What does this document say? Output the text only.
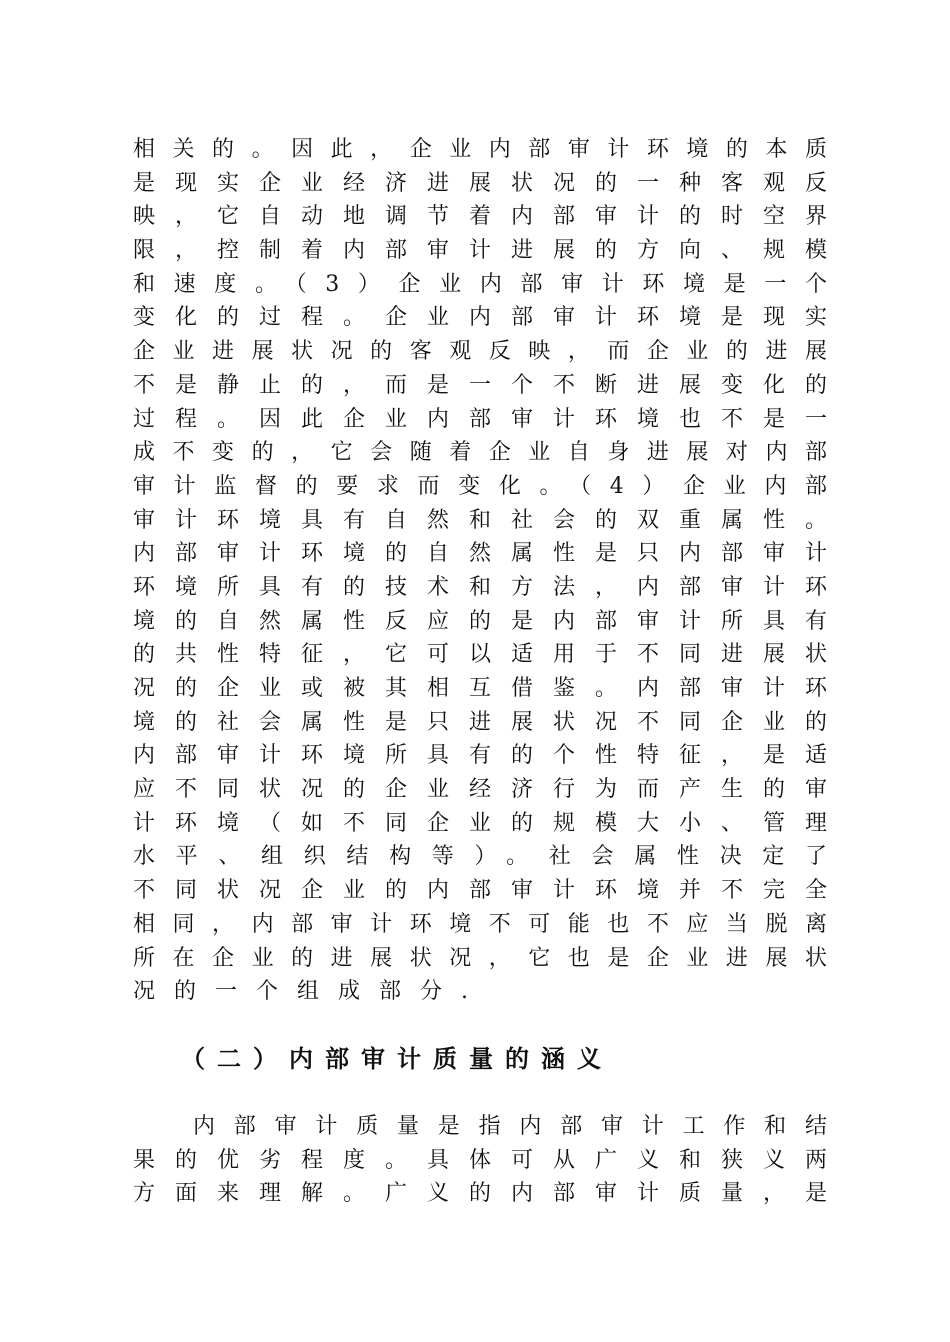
相关的。因此，企业内部审计环境的本质
是现实企业经济进展状况的一种客观反
映，它自动地调节着内部审计的时空界
限，控制着内部审计进展的方向、规模
和速度。（3）企业内部审计环境是一个
变化的过程。企业内部审计环境是现实
企业进展状况的客观反映，而企业的进展
不是静止的，而是一个不断进展变化的
过程。因此企业内部审计环境也不是一
成不变的，它会随着企业自身进展对内部
审计监督的要求而变化。（4）企业内部
审计环境具有自然和社会的双重属性。
内部审计环境的自然属性是只内部审计
环境所具有的技术和方法，内部审计环
境的自然属性反应的是内部审计所具有
的共性特征，它可以适用于不同进展状
况的企业或被其相互借鉴。内部审计环
境的社会属性是只进展状况不同企业的
内部审计环境所具有的个性特征，是适
应不同状况的企业经济行为而产生的审
计环境（如不同企业的规模大小、管理
水平、组织结构等）。社会属性决定了
不同状况企业的内部审计环境并不完全
相同，内部审计环境不可能也不应当脱离
所在企业的进展状况，它也是企业进展状
况的一个组成部分.
（二）内部审计质量的涵义
内部审计质量是指内部审计工作和结
果的优劣程度。具体可从广义和狭义两
方面来理解。广义的内部审计质量，是
